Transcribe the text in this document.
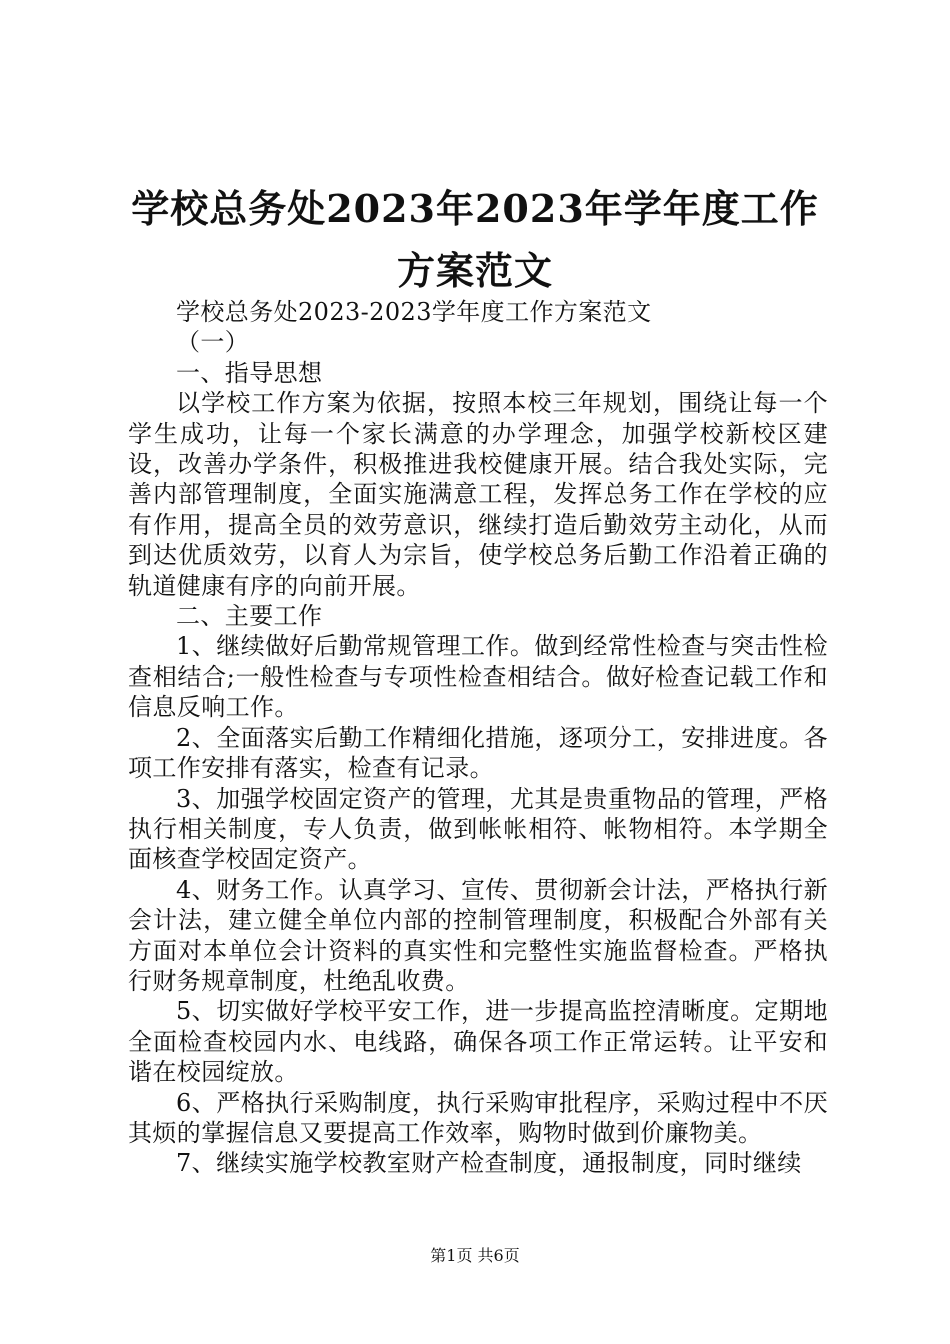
学校总务处2023年2023年学年度工作方案范文

学校总务处2023-2023学年度工作方案范文

（一）

一、指导思想

以学校工作方案为依据，按照本校三年规划，围绕让每一个学生成功，让每一个家长满意的办学理念，加强学校新校区建设，改善办学条件，积极推进我校健康开展。结合我处实际，完善内部管理制度，全面实施满意工程，发挥总务工作在学校的应有作用，提高全员的效劳意识，继续打造后勤效劳主动化，从而到达优质效劳，以育人为宗旨，使学校总务后勤工作沿着正确的轨道健康有序的向前开展。

二、主要工作

1、继续做好后勤常规管理工作。做到经常性检查与突击性检查相结合;一般性检查与专项性检查相结合。做好检查记载工作和信息反响工作。

2、全面落实后勤工作精细化措施，逐项分工，安排进度。各项工作安排有落实，检查有记录。

3、加强学校固定资产的管理，尤其是贵重物品的管理，严格执行相关制度，专人负责，做到帐帐相符、帐物相符。本学期全面核查学校固定资产。

4、财务工作。认真学习、宣传、贯彻新会计法，严格执行新会计法，建立健全单位内部的控制管理制度，积极配合外部有关方面对本单位会计资料的真实性和完整性实施监督检查。严格执行财务规章制度，杜绝乱收费。

5、切实做好学校平安工作，进一步提高监控清晰度。定期地全面检查校园内水、电线路，确保各项工作正常运转。让平安和谐在校园绽放。

6、严格执行采购制度，执行采购审批程序，采购过程中不厌其烦的掌握信息又要提高工作效率，购物时做到价廉物美。

7、继续实施学校教室财产检查制度，通报制度，同时继续

第1页 共6页
